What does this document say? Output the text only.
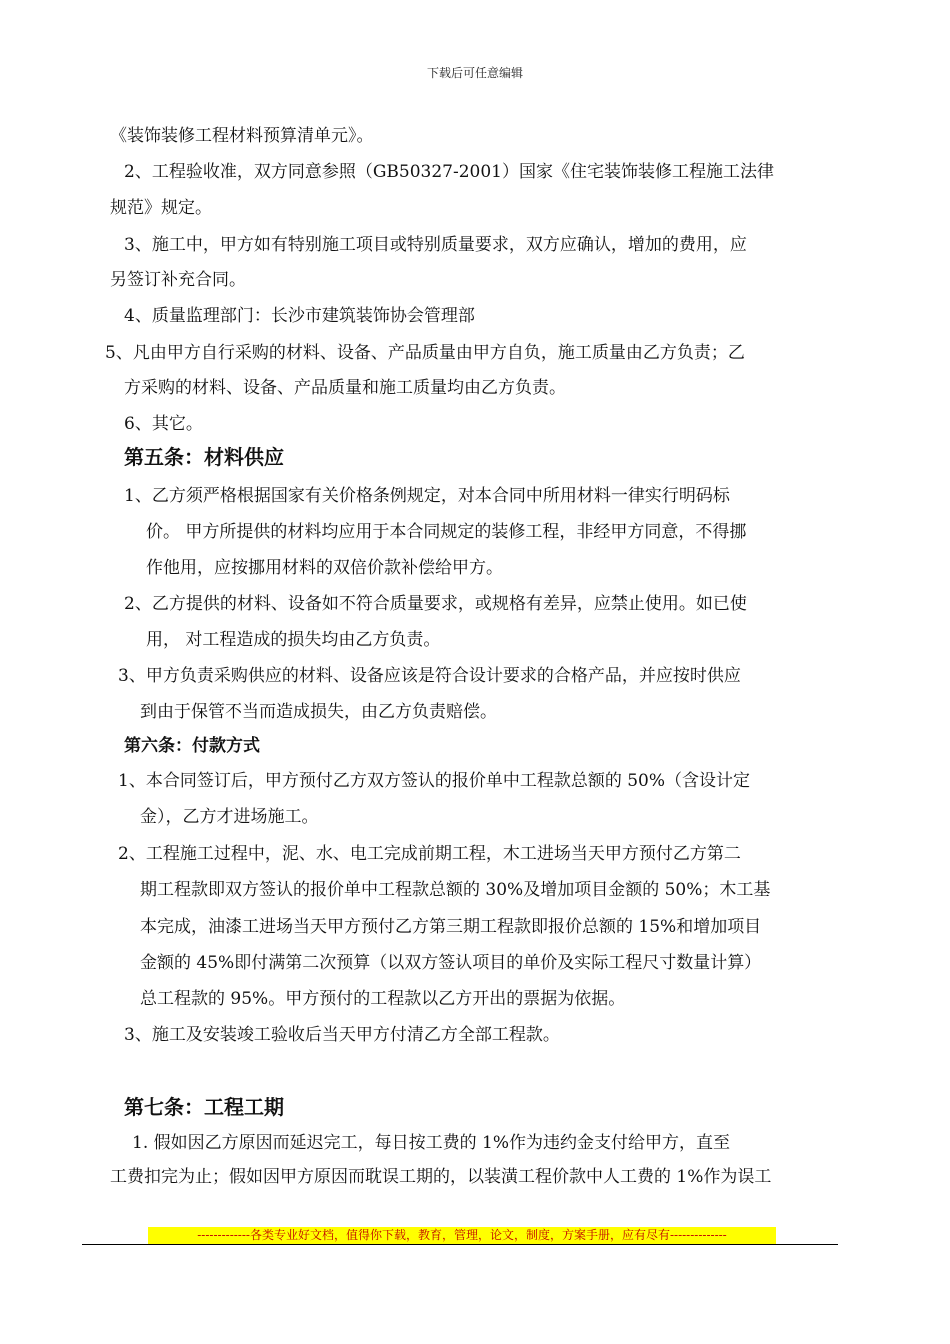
下载后可任意编辑
《装饰装修工程材料预算清单元》。
2、工程验收准，双方同意参照（GB50327-2001）国家《住宅装饰装修工程施工法律
规范》规定。
3、施工中，甲方如有特别施工项目或特别质量要求，双方应确认，增加的费用，应
另签订补充合同。
4、质量监理部门：长沙市建筑装饰协会管理部
5、凡由甲方自行采购的材料、设备、产品质量由甲方自负，施工质量由乙方负责；乙
方采购的材料、设备、产品质量和施工质量均由乙方负责。
6、其它。
第五条：材料供应
1、乙方须严格根据国家有关价格条例规定，对本合同中所用材料一律实行明码标
价。 甲方所提供的材料均应用于本合同规定的装修工程，非经甲方同意，不得挪
作他用，应按挪用材料的双倍价款补偿给甲方。
2、乙方提供的材料、设备如不符合质量要求，或规格有差异，应禁止使用。如已使
用， 对工程造成的损失均由乙方负责。
3、甲方负责采购供应的材料、设备应该是符合设计要求的合格产品，并应按时供应
到由于保管不当而造成损失，由乙方负责赔偿。
第六条：付款方式
1、本合同签订后，甲方预付乙方双方签认的报价单中工程款总额的 50%（含设计定
金），乙方才进场施工。
2、工程施工过程中，泥、水、电工完成前期工程，木工进场当天甲方预付乙方第二
期工程款即双方签认的报价单中工程款总额的 30%及增加项目金额的 50%；木工基
本完成，油漆工进场当天甲方预付乙方第三期工程款即报价总额的 15%和增加项目
金额的 45%即付满第二次预算（以双方签认项目的单价及实际工程尺寸数量计算）
总工程款的 95%。甲方预付的工程款以乙方开出的票据为依据。
3、施工及安装竣工验收后当天甲方付清乙方全部工程款。
第七条：工程工期
1. 假如因乙方原因而延迟完工，每日按工费的 1%作为违约金支付给甲方，直至
工费扣完为止；假如因甲方原因而耽误工期的，以装潢工程价款中人工费的 1%作为误工
-------------各类专业好文档，值得你下载，教育，管理，论文，制度，方案手册，应有尽有--------------
